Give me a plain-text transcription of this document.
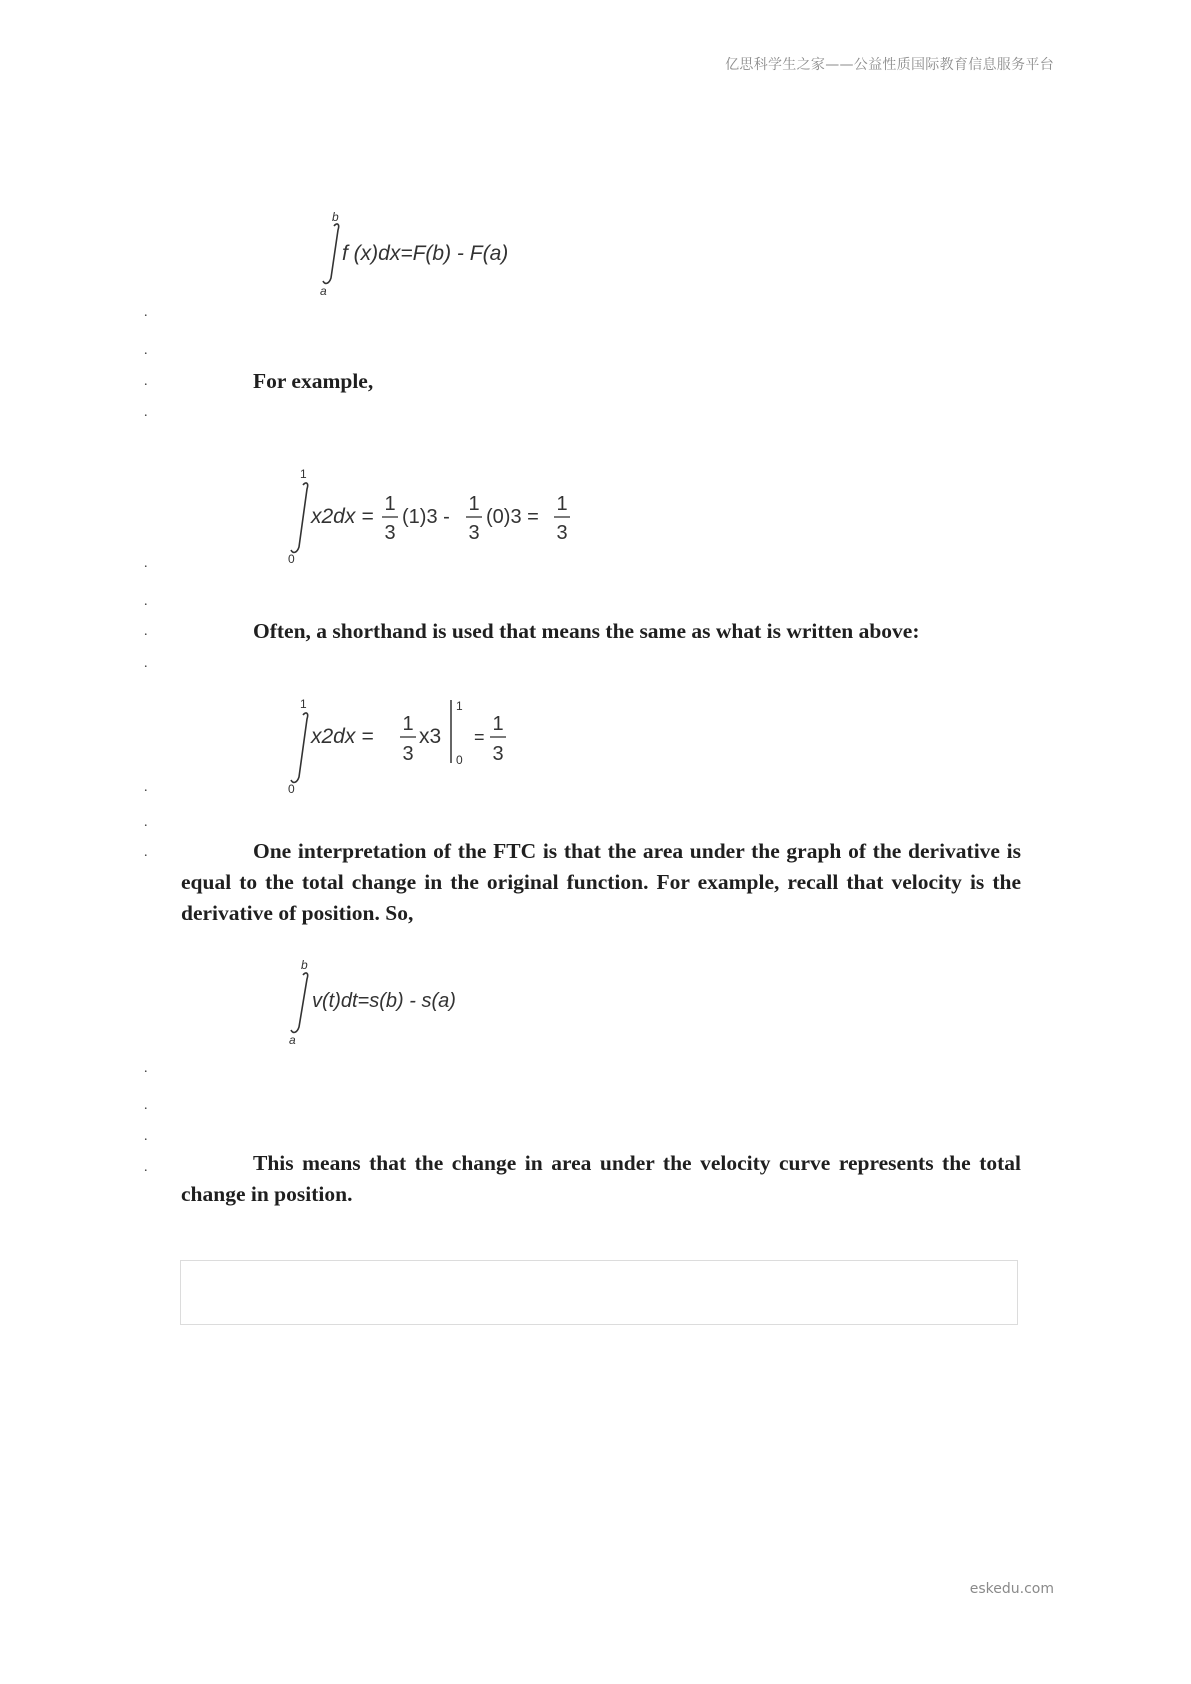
亿思科学生之家——公益性质国际教育信息服务平台
b
a
f (x)dx=F(b) - F(a)
.
.
.	For example,
.
1
0
x2dx =
1
3
(1)3 -
1
3
(0)3 =
1
3
.
.
.	Often, a shorthand is used that means the same as what is written above:
.
1
0
x2dx =
1
3
x3
1
0
=
1
3
.
.
.	One interpretation of the FTC is that the area under the graph of the derivative is equal to the total change in the original function. For example, recall that velocity is the derivative of position. So,
b
a
v(t)dt=s(b) - s(a)
.
.
.
.	This means that the change in area under the velocity curve represents the total change in position.
eskedu.com
